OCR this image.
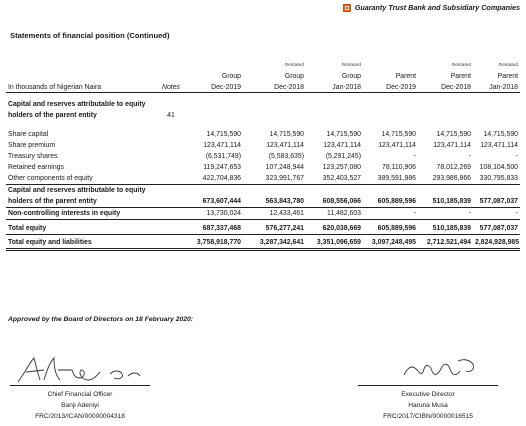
Guaranty Trust Bank and Subsidiary Companies
Statements of financial position (Continued)
			Restated	Restated		Restated	Restated
		Group	Group	Group	Parent	Parent	Parent
In thousands of Nigerian Naira	Notes	Dec-2019	Dec-2018	Jan-2018	Dec-2019	Dec-2018	Jan-2018

Capital and reserves attributable to equity							
holders of the parent entity	41						

Share capital		14,715,590	14,715,590	14,715,590	14,715,590	14,715,590	14,715,590
Share premium		123,471,114	123,471,114	123,471,114	123,471,114	123,471,114	123,471,114
Treasury shares		(6,531,749)	(5,583,635)	(5,291,245)	-	-	-
Retained earnings		119,247,653	107,248,944	123,257,080	78,110,906	78,012,269	108,104,500
Other components of equity		422,704,836	323,991,767	352,403,527	389,591,986	293,986,866	330,795,833
Capital and reserves attributable to equity							
holders of the parent entity		673,607,444	563,843,780	608,556,066	605,889,596	510,185,839	577,087,037
Non-controlling interests in equity		13,730,024	12,433,461	11,482,603	-	-	-

Total equity		687,337,468	576,277,241	620,038,669	605,889,596	510,185,839	577,087,037

Total equity and liabilities		3,758,918,770	3,287,342,641	3,351,096,659	3,097,248,495	2,712,521,494	2,824,928,985
Approved by the Board of Directors on 18 February 2020:
Chief Financial Officer
Banji Adeniyi
FRC/2013/ICAN/00000004318
Executive Director
Haruna Musa
FRC/2017/CIBN/00000016515
